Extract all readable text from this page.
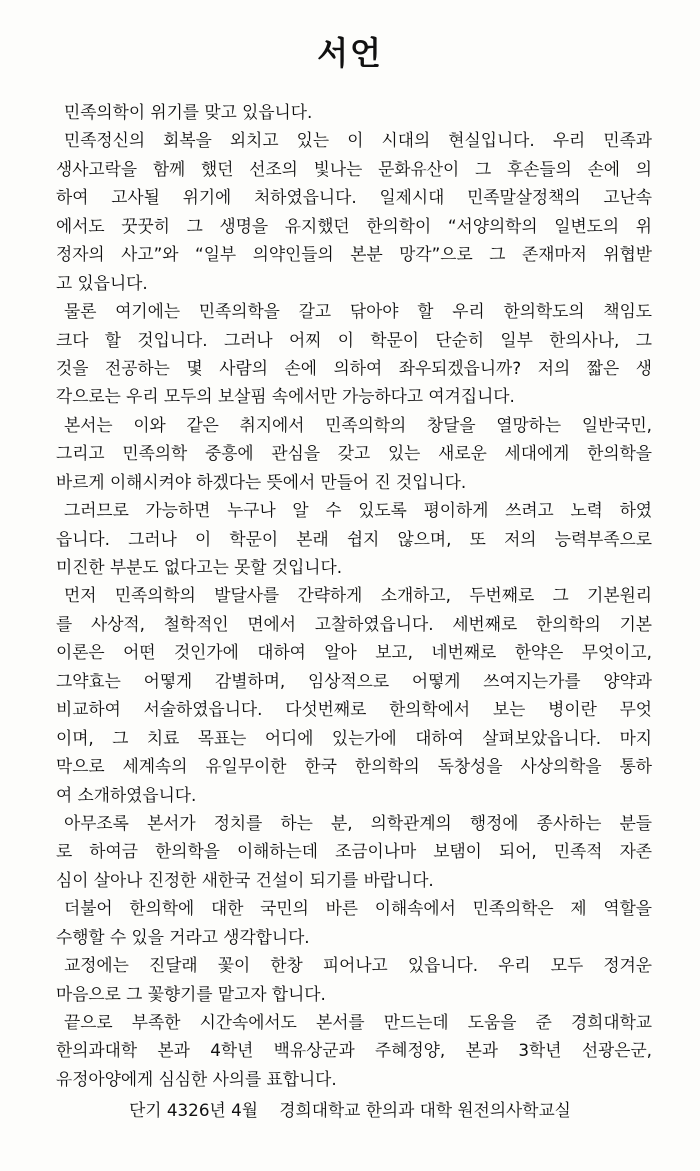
서언
민족의학이 위기를 맞고 있읍니다.
민족정신의 회복을 외치고 있는 이 시대의 현실입니다. 우리 민족과
생사고락을 함께 했던 선조의 빛나는 문화유산이 그 후손들의 손에 의
하여 고사될 위기에 처하였읍니다. 일제시대 민족말살정책의 고난속
에서도 꿋꿋히 그 생명을 유지했던 한의학이 “서양의학의 일변도의 위
정자의 사고”와 “일부 의약인들의 본분 망각”으로 그 존재마저 위협받
고 있읍니다.
물론 여기에는 민족의학을 갈고 닦아야 할 우리 한의학도의 책임도
크다 할 것입니다. 그러나 어찌 이 학문이 단순히 일부 한의사나, 그
것을 전공하는 몇 사람의 손에 의하여 좌우되겠읍니까? 저의 짧은 생
각으로는 우리 모두의 보살핌 속에서만 가능하다고 여겨집니다.
본서는 이와 같은 취지에서 민족의학의 창달을 열망하는 일반국민,
그리고 민족의학 중흥에 관심을 갖고 있는 새로운 세대에게 한의학을
바르게 이해시켜야 하겠다는 뜻에서 만들어 진 것입니다.
그러므로 가능하면 누구나 알 수 있도록 평이하게 쓰려고 노력 하였
읍니다. 그러나 이 학문이 본래 쉽지 않으며, 또 저의 능력부족으로
미진한 부분도 없다고는 못할 것입니다.
먼저 민족의학의 발달사를 간략하게 소개하고, 두번째로 그 기본원리
를 사상적, 철학적인 면에서 고찰하였읍니다. 세번째로 한의학의 기본
이론은 어떤 것인가에 대하여 알아 보고, 네번째로 한약은 무엇이고,
그약효는 어떻게 감별하며, 임상적으로 어떻게 쓰여지는가를 양약과
비교하여 서술하였읍니다. 다섯번째로 한의학에서 보는 병이란 무엇
이며, 그 치료 목표는 어디에 있는가에 대하여 살펴보았읍니다. 마지
막으로 세계속의 유일무이한 한국 한의학의 독창성을 사상의학을 통하
여 소개하였읍니다.
아무조록 본서가 정치를 하는 분, 의학관계의 행정에 종사하는 분들
로 하여금 한의학을 이해하는데 조금이나마 보탬이 되어, 민족적 자존
심이 살아나 진정한 새한국 건설이 되기를 바랍니다.
더불어 한의학에 대한 국민의 바른 이해속에서 민족의학은 제 역할을
수행할 수 있을 거라고 생각합니다.
교정에는 진달래 꽃이 한창 피어나고 있읍니다. 우리 모두 정겨운
마음으로 그 꽃향기를 맡고자 합니다.
끝으로 부족한 시간속에서도 본서를 만드는데 도움을 준 경희대학교
한의과대학 본과 4학년 백유상군과 주혜정양, 본과 3학년 선광은군,
유정아양에게 심심한 사의를 표합니다.
단기 4326년 4월    경희대학교 한의과 대학 원전의사학교실
